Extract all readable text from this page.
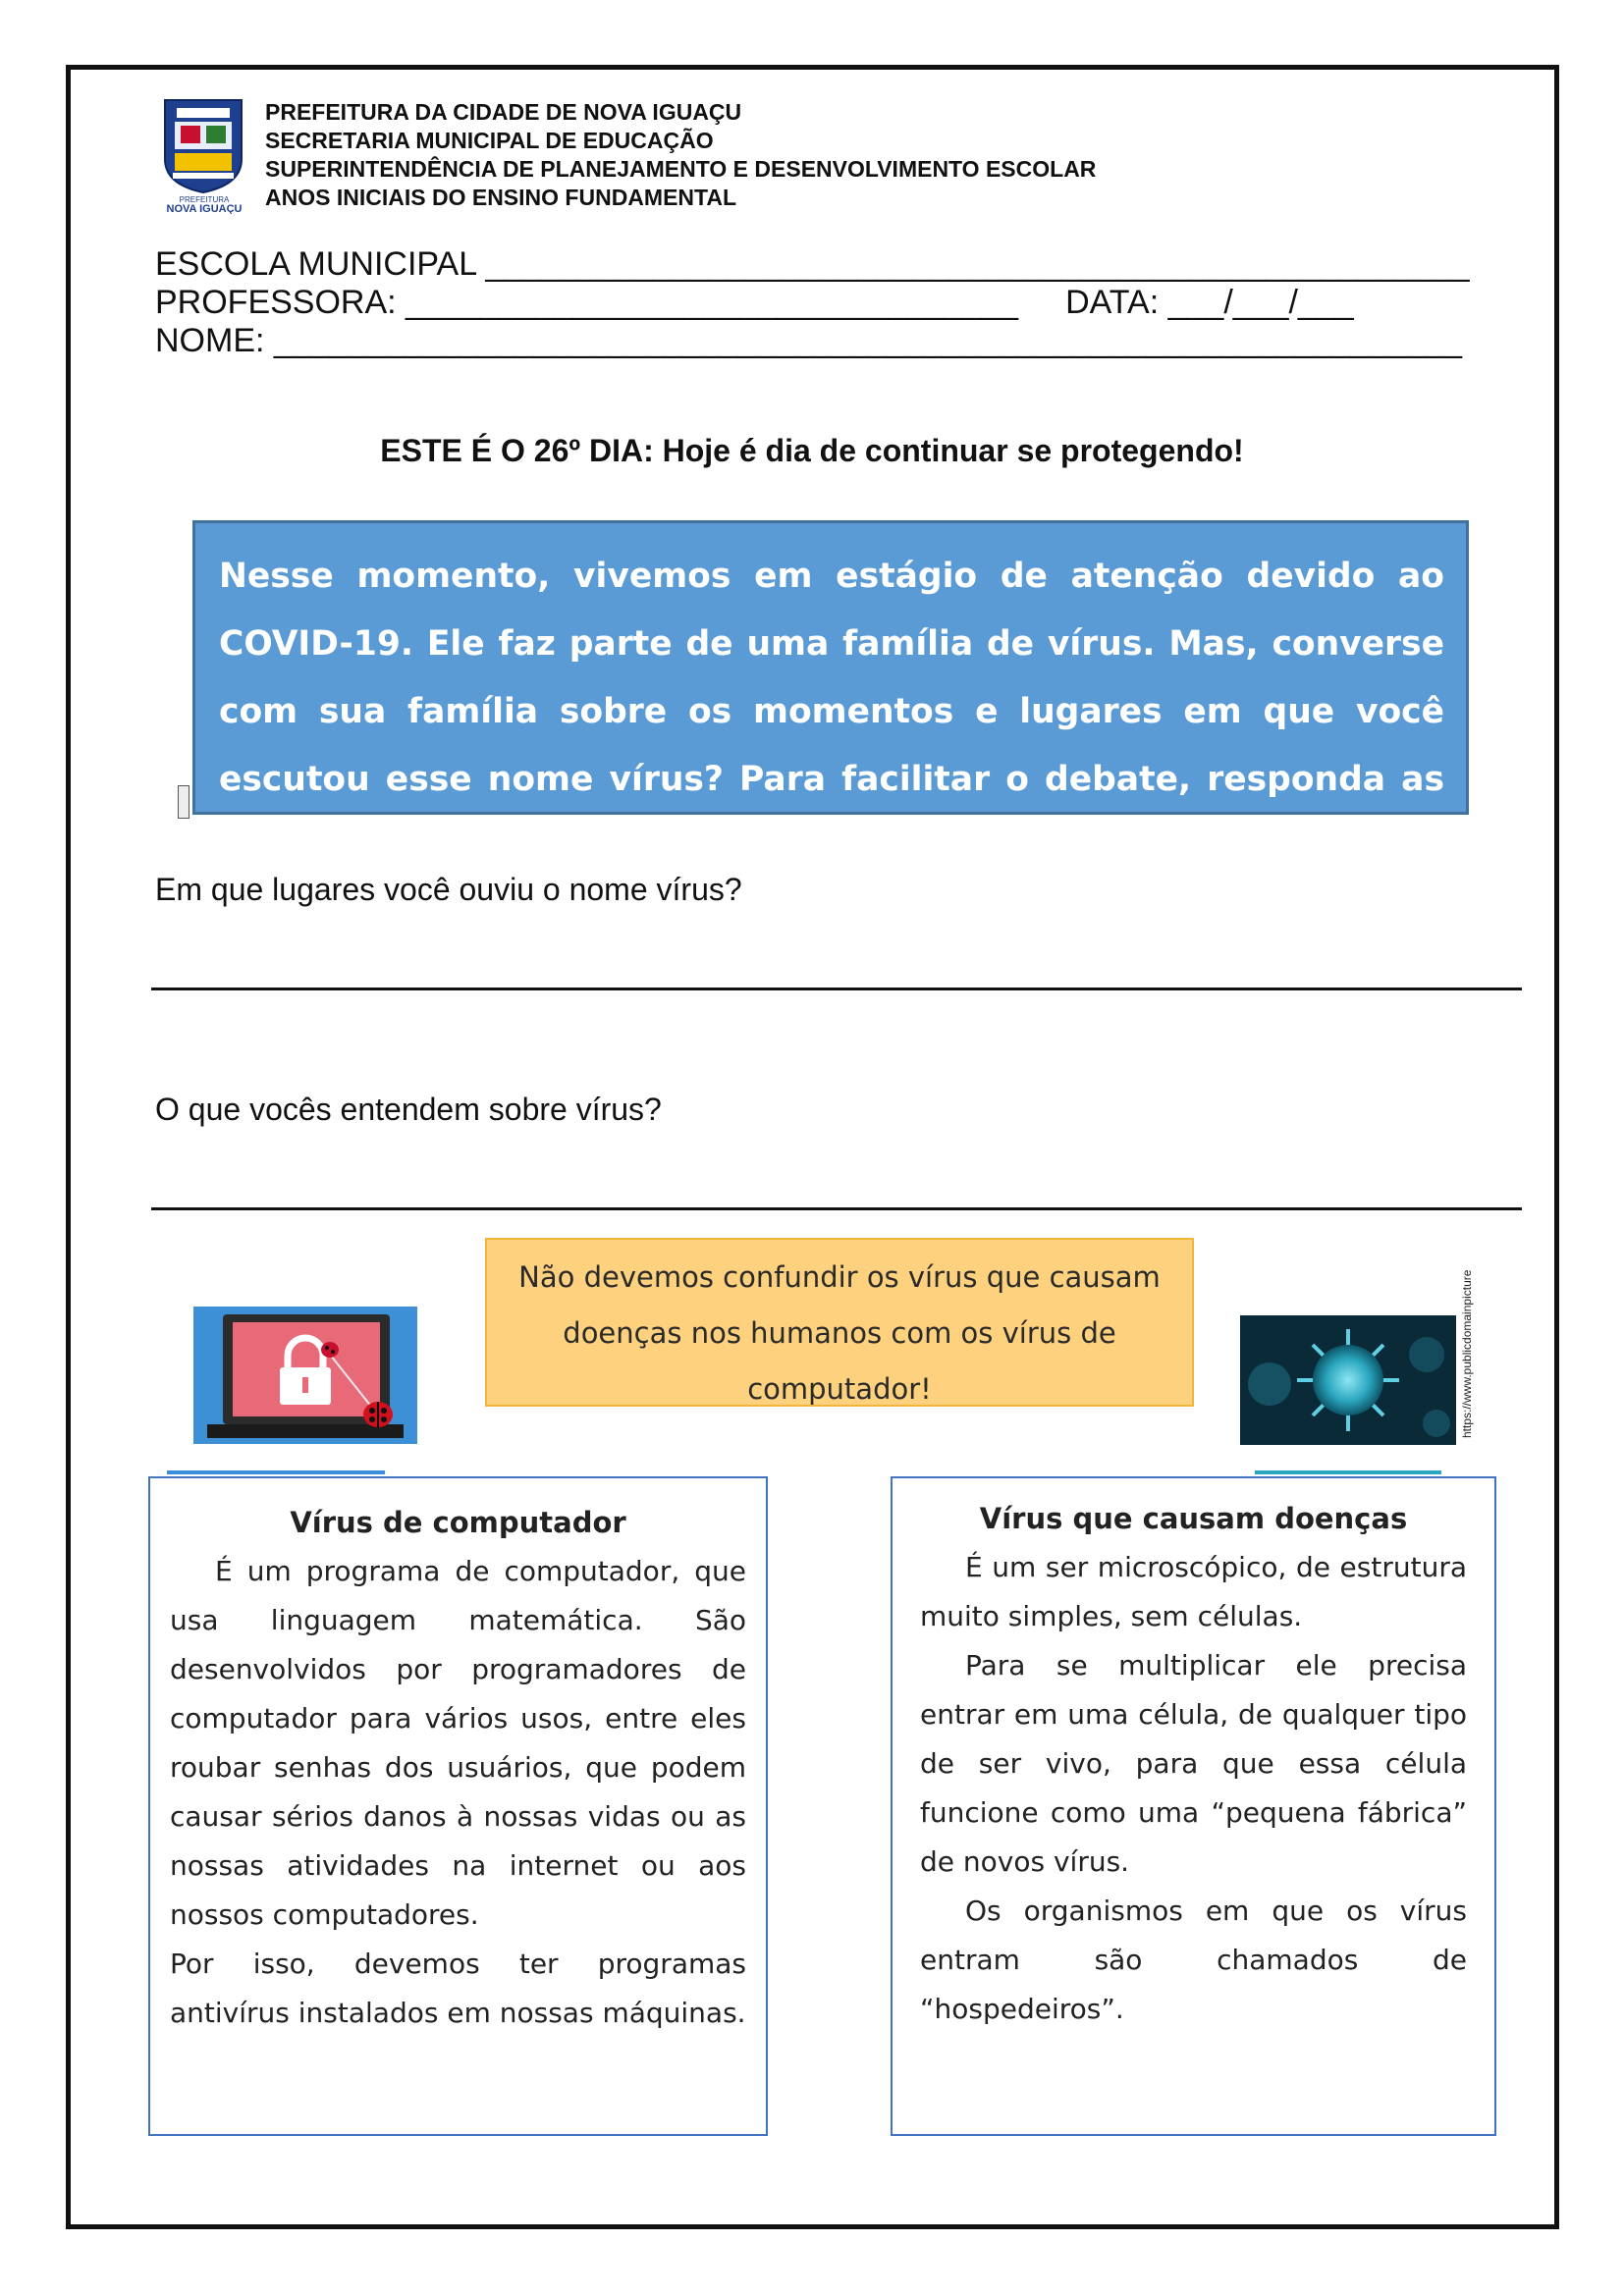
PREFEITURA
NOVA IGUAÇU
PREFEITURA DA CIDADE DE NOVA IGUAÇU
SECRETARIA MUNICIPAL DE EDUCAÇÃO
SUPERINTENDÊNCIA DE PLANEJAMENTO E DESENVOLVIMENTO ESCOLAR
ANOS INICIAIS DO ENSINO FUNDAMENTAL
ESCOLA MUNICIPAL _____________________________________________________
PROFESSORA: _________________________________ DATA: ___/___/___
NOME: ________________________________________________________________
ESTE É O 26º DIA: Hoje é dia de continuar se protegendo!
Nesse momento, vivemos em estágio de atenção devido ao COVID-19. Ele faz parte de uma família de vírus. Mas, converse com sua família sobre os momentos e lugares em que você escutou esse nome vírus? Para facilitar o debate, responda as perguntas abaixo:
Em que lugares você ouviu o nome vírus?
O que vocês entendem sobre vírus?
Não devemos confundir os vírus que causam
doenças nos humanos com os vírus de
computador!	https://www.publicdomainpicture
Vírus de computador

É um programa de computador, que usa linguagem matemática. São desenvolvidos por programadores de computador para vários usos, entre eles roubar senhas dos usuários, que podem causar sérios danos à nossas vidas ou as nossas atividades na internet ou aos nossos computadores.

Por isso, devemos ter programas antivírus instalados em nossas máquinas.

Vírus que causam doenças

É um ser microscópico, de estrutura muito simples, sem células.

Para se multiplicar ele precisa entrar em uma célula, de qualquer tipo de ser vivo, para que essa célula funcione como uma “pequena fábrica” de novos vírus.

Os organismos em que os vírus entram são chamados de “hospedeiros”.
